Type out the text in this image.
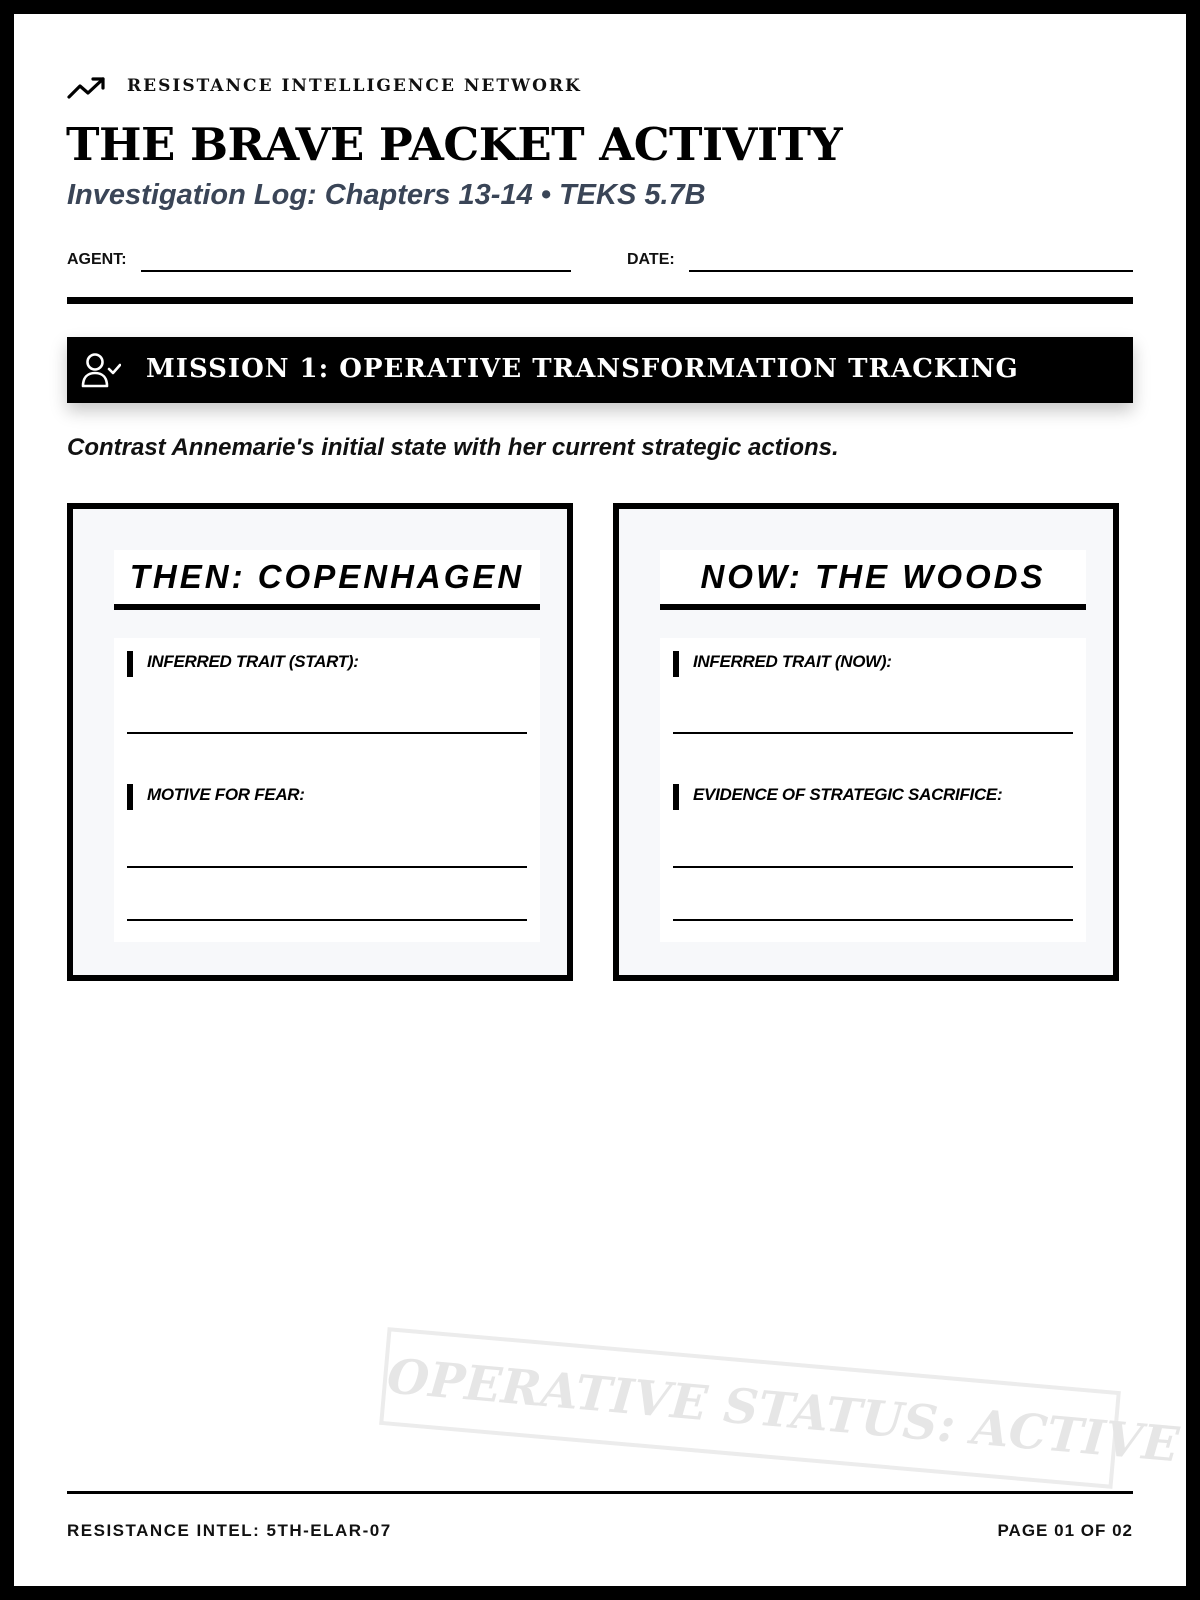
RESISTANCE INTELLIGENCE NETWORK
THE BRAVE PACKET ACTIVITY
Investigation Log: Chapters 13-14 • TEKS 5.7B
AGENT:	DATE:
MISSION 1: OPERATIVE TRANSFORMATION TRACKING
Contrast Annemarie's initial state with her current strategic actions.
THEN: COPENHAGEN
INFERRED TRAIT (START):
MOTIVE FOR FEAR:
NOW: THE WOODS
INFERRED TRAIT (NOW):
EVIDENCE OF STRATEGIC SACRIFICE:
OPERATIVE STATUS: ACTIVE
RESISTANCE INTEL: 5TH-ELAR-07	PAGE 01 OF 02
